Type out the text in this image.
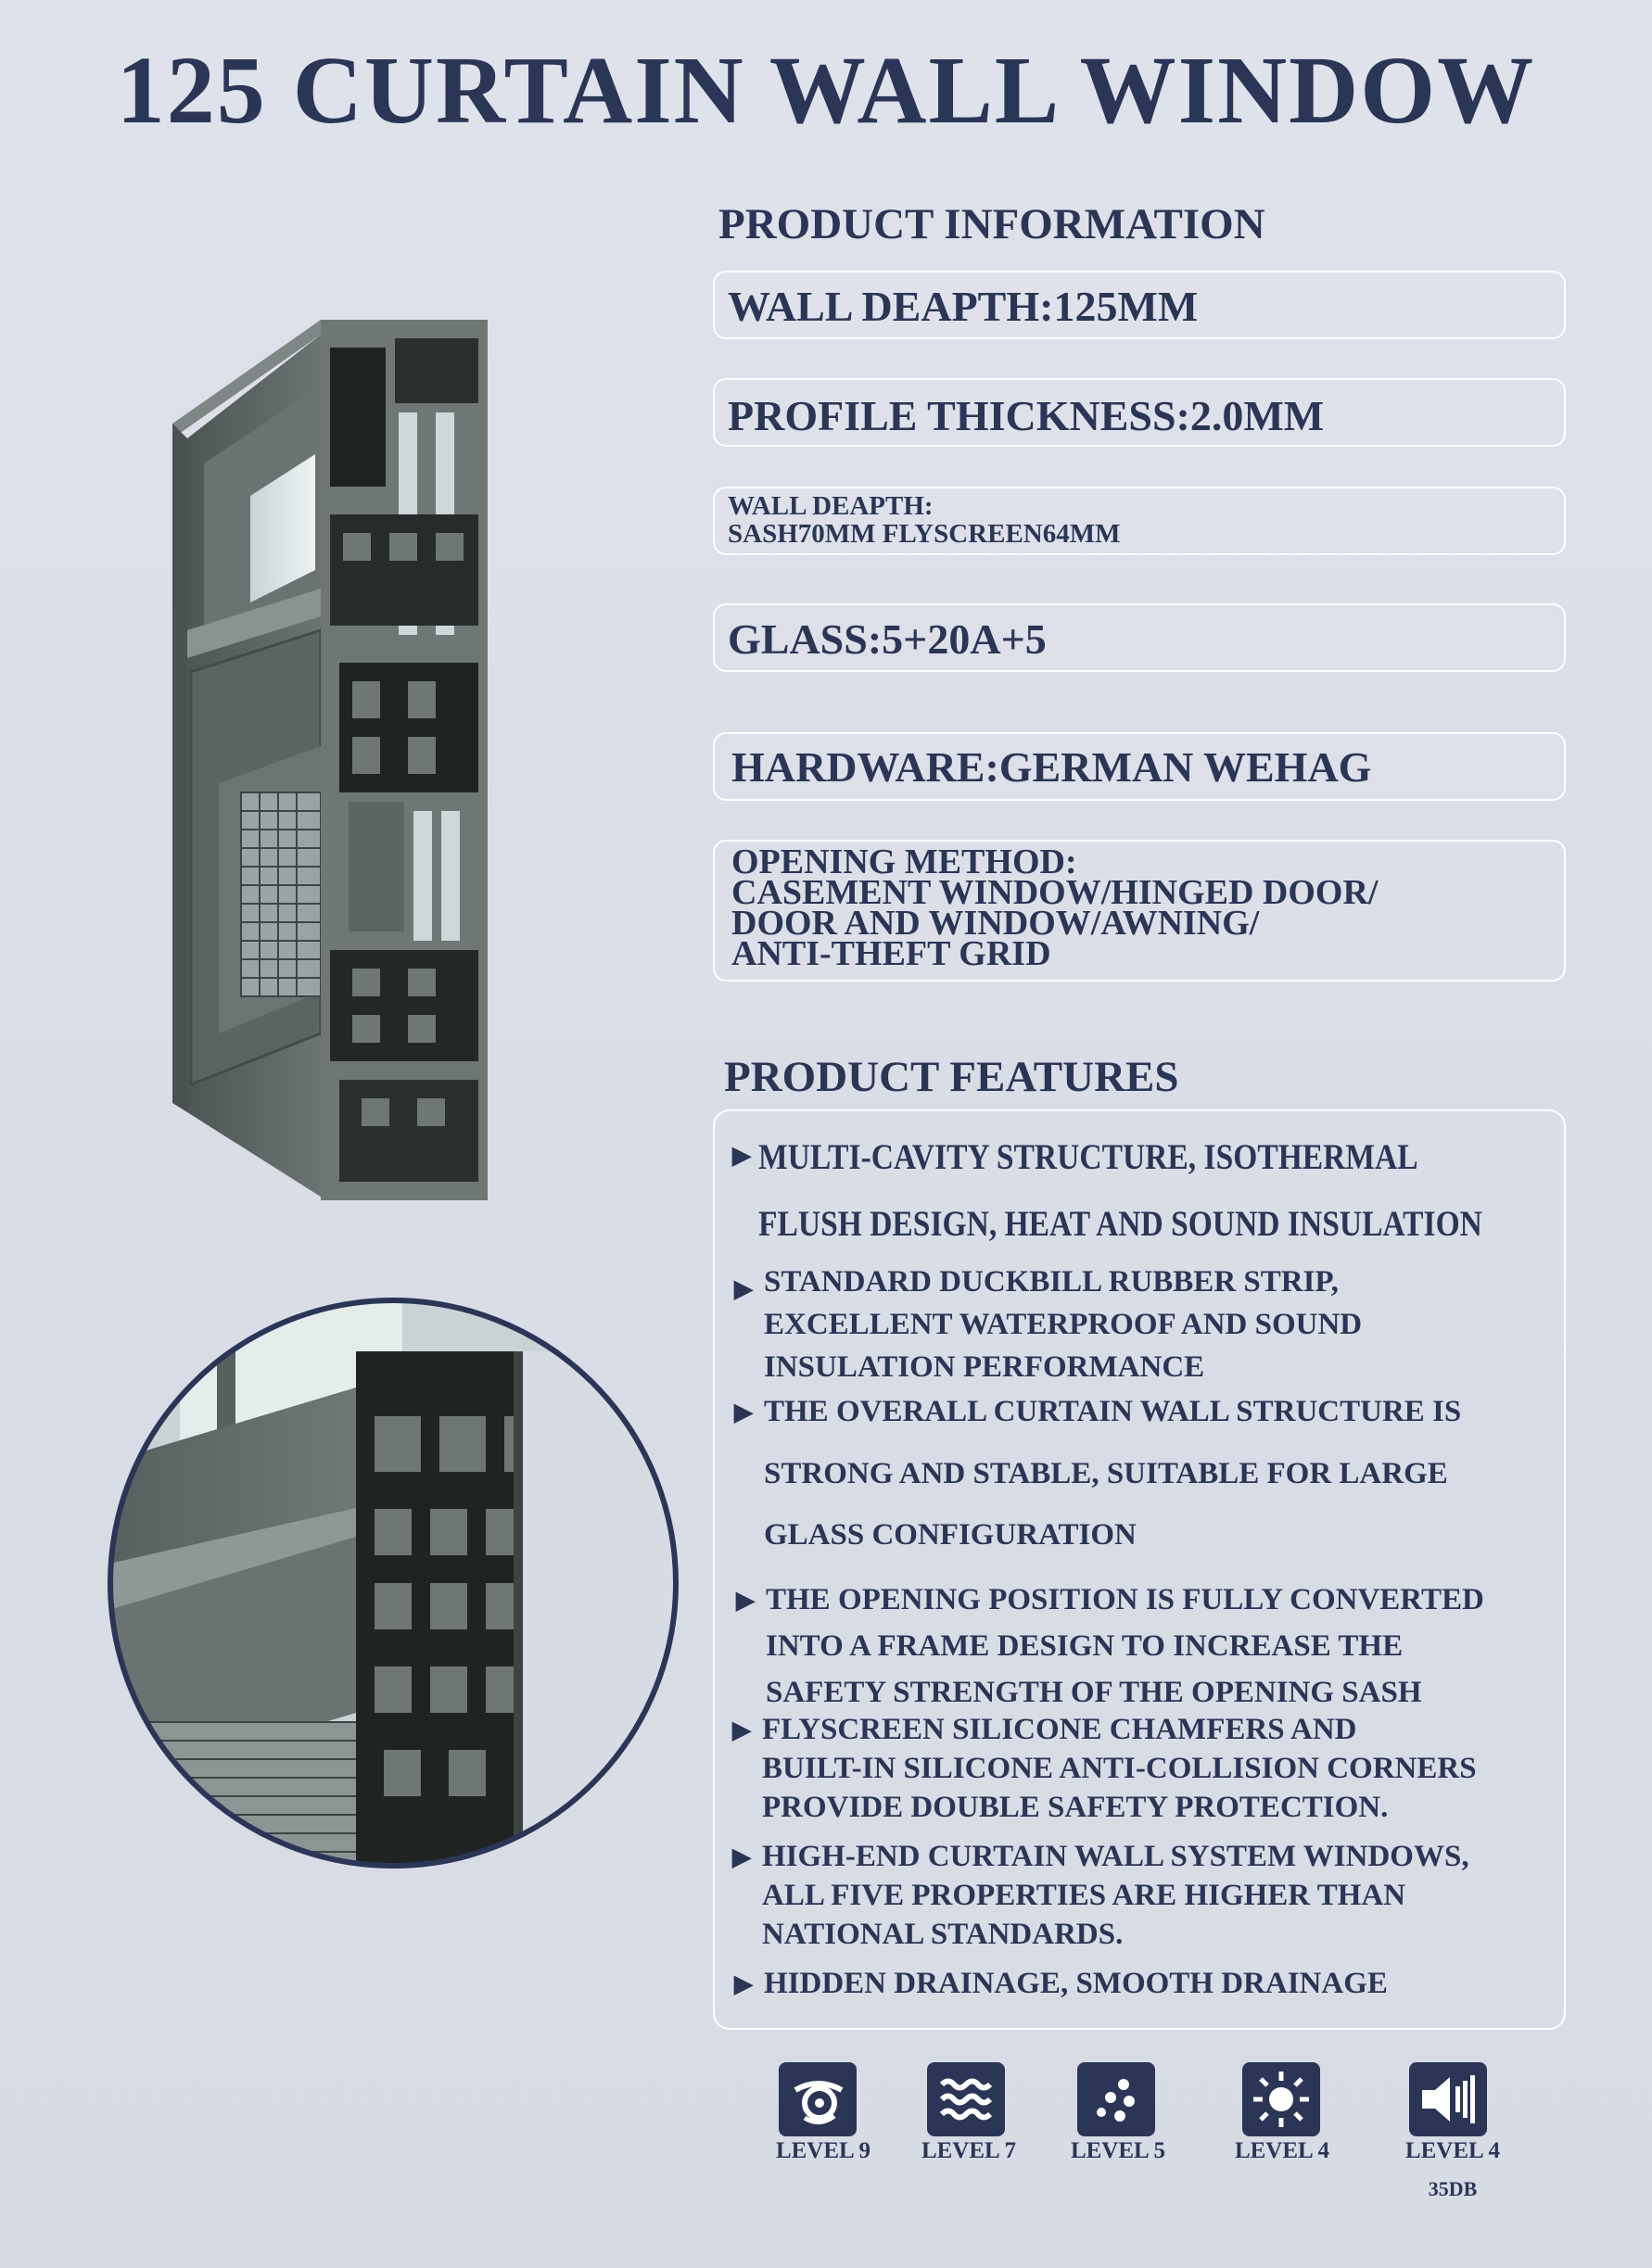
125 CURTAIN WALL WINDOW
PRODUCT INFORMATION
WALL DEAPTH:125MM
PROFILE THICKNESS:2.0MM
WALL DEAPTH:
SASH70MM FLYSCREEN64MM
GLASS:5+20A+5
HARDWARE:GERMAN WEHAG
OPENING METHOD:
CASEMENT WINDOW/HINGED DOOR/
DOOR AND WINDOW/AWNING/
ANTI-THEFT GRID
PRODUCT FEATURES
▶ MULTI-CAVITY STRUCTURE, ISOTHERMAL
FLUSH DESIGN, HEAT AND SOUND INSULATION
▶ STANDARD DUCKBILL RUBBER STRIP,
EXCELLENT WATERPROOF AND SOUND
INSULATION PERFORMANCE
▶ THE OVERALL CURTAIN WALL STRUCTURE IS
STRONG AND STABLE, SUITABLE FOR LARGE
GLASS CONFIGURATION
▶ THE OPENING POSITION IS FULLY CONVERTED
INTO A FRAME DESIGN TO INCREASE THE
SAFETY STRENGTH OF THE OPENING SASH
▶ FLYSCREEN SILICONE CHAMFERS AND
BUILT-IN SILICONE ANTI-COLLISION CORNERS
PROVIDE DOUBLE SAFETY PROTECTION.
▶ HIGH-END CURTAIN WALL SYSTEM WINDOWS,
ALL FIVE PROPERTIES ARE HIGHER THAN
NATIONAL STANDARDS.
▶ HIDDEN DRAINAGE, SMOOTH DRAINAGE
LEVEL 9	LEVEL 7	LEVEL 5	LEVEL 4	LEVEL 4
35DB
